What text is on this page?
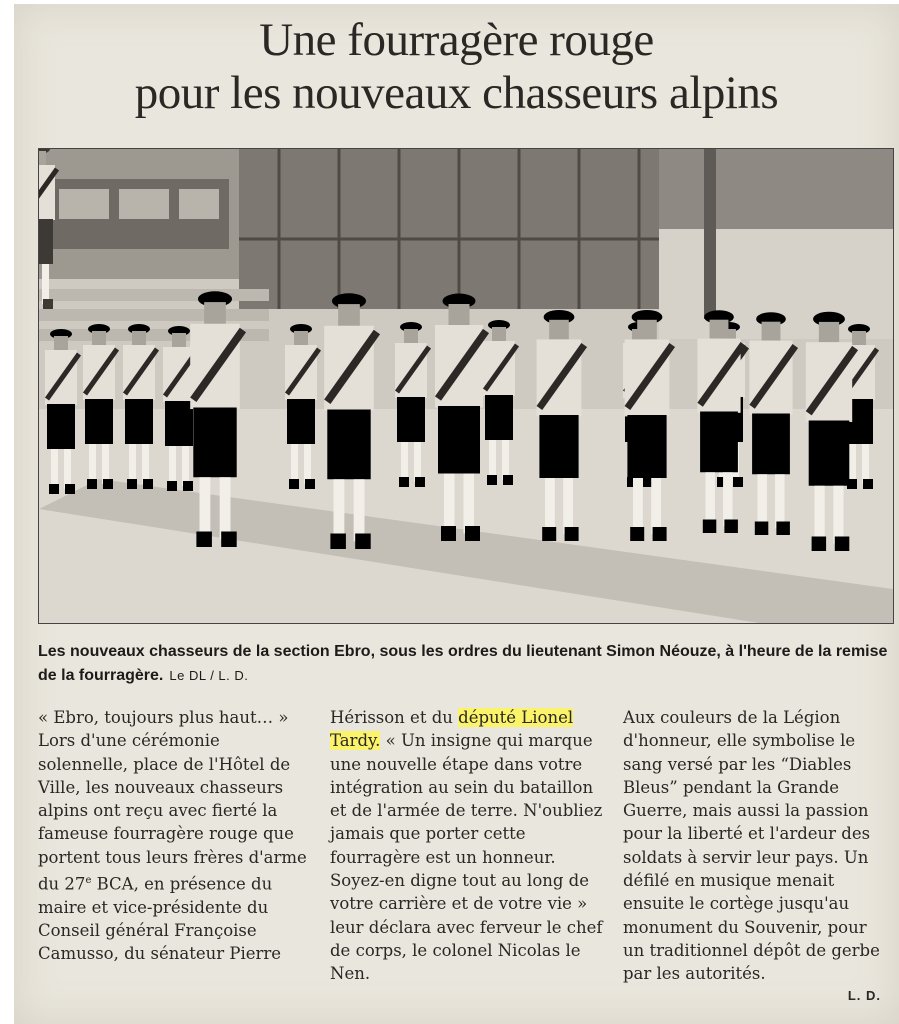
Une fourragère rouge
pour les nouveaux chasseurs alpins
Les nouveaux chasseurs de la section Ebro, sous les ordres du lieutenant Simon Néouze, à l'heure de la remise de la fourragère. Le DL / L. D.

« Ebro, toujours plus haut… »

Lors d'une cérémonie solennelle, place de l'Hôtel de Ville, les nouveaux chasseurs alpins ont reçu avec fierté la fameuse fourragère rouge que portent tous leurs frères d'arme du 27e BCA, en présence du maire et vice-présidente du Conseil général Françoise Camusso, du sénateur Pierre

Hérisson et du député Lionel Tardy. « Un insigne qui marque une nouvelle étape dans votre intégration au sein du bataillon et de l'armée de terre. N'oubliez jamais que porter cette fourragère est un honneur. Soyez-en digne tout au long de votre carrière et de votre vie » leur déclara avec ferveur le chef de corps, le colonel Nicolas le Nen.

Aux couleurs de la Légion d'honneur, elle symbolise le sang versé par les “Diables Bleus” pendant la Grande Guerre, mais aussi la passion pour la liberté et l'ardeur des soldats à servir leur pays. Un défilé en musique menait ensuite le cortège jusqu'au monument du Souvenir, pour un traditionnel dépôt de gerbe par les autorités.

L. D.
